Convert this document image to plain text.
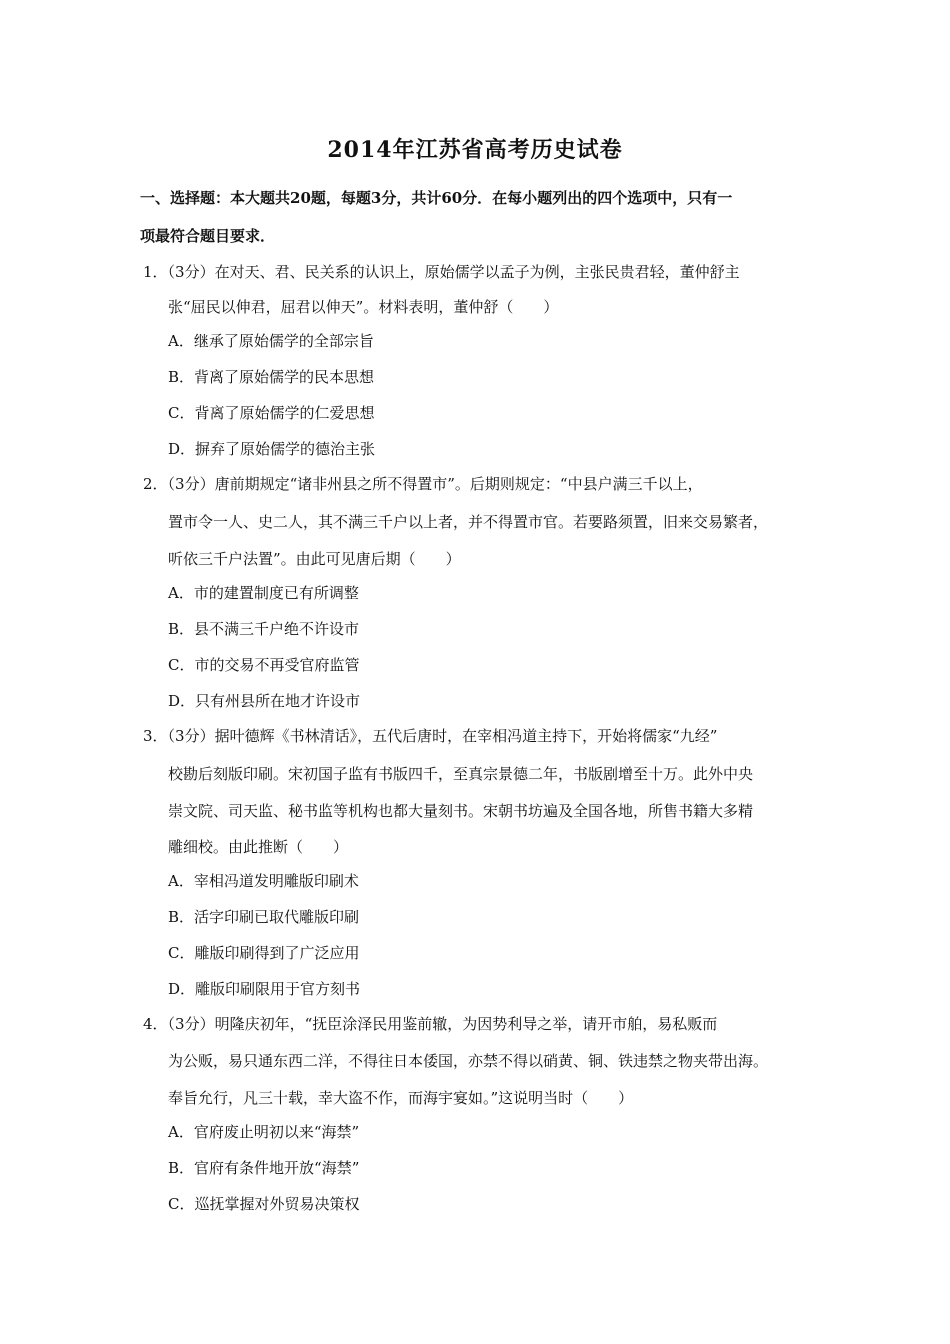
2014年江苏省高考历史试卷
一、选择题：本大题共20题，每题3分，共计60分．在每小题列出的四个选项中，只有一
项最符合题目要求．
1．（3分）在对天、君、民关系的认识上，原始儒学以孟子为例，主张民贵君轻，董仲舒主
张“屈民以伸君，屈君以伸天”。材料表明，董仲舒（　　）
A．继承了原始儒学的全部宗旨
B．背离了原始儒学的民本思想
C．背离了原始儒学的仁爱思想
D．摒弃了原始儒学的德治主张
2．（3分）唐前期规定“诸非州县之所不得置市”。后期则规定：“中县户满三千以上，
置市令一人、史二人，其不满三千户以上者，并不得置市官。若要路须置，旧来交易繁者，
听依三千户法置”。由此可见唐后期（　　）
A．市的建置制度已有所调整
B．县不满三千户绝不许设市
C．市的交易不再受官府监管
D．只有州县所在地才许设市
3．（3分）据叶德辉《书林清话》，五代后唐时，在宰相冯道主持下，开始将儒家“九经”
校勘后刻版印刷。宋初国子监有书版四千，至真宗景德二年，书版剧增至十万。此外中央
崇文院、司天监、秘书监等机构也都大量刻书。宋朝书坊遍及全国各地，所售书籍大多精
雕细校。由此推断（　　）
A．宰相冯道发明雕版印刷术
B．活字印刷已取代雕版印刷
C．雕版印刷得到了广泛应用
D．雕版印刷限用于官方刻书
4．（3分）明隆庆初年，“抚臣涂泽民用鉴前辙，为因势利导之举，请开市舶，易私贩而
为公贩，易只通东西二洋，不得往日本倭国，亦禁不得以硝黄、铜、铁违禁之物夹带出海。
奉旨允行，凡三十载，幸大盗不作，而海宇宴如。”这说明当时（　　）
A．官府废止明初以来“海禁”
B．官府有条件地开放“海禁”
C．巡抚掌握对外贸易决策权
